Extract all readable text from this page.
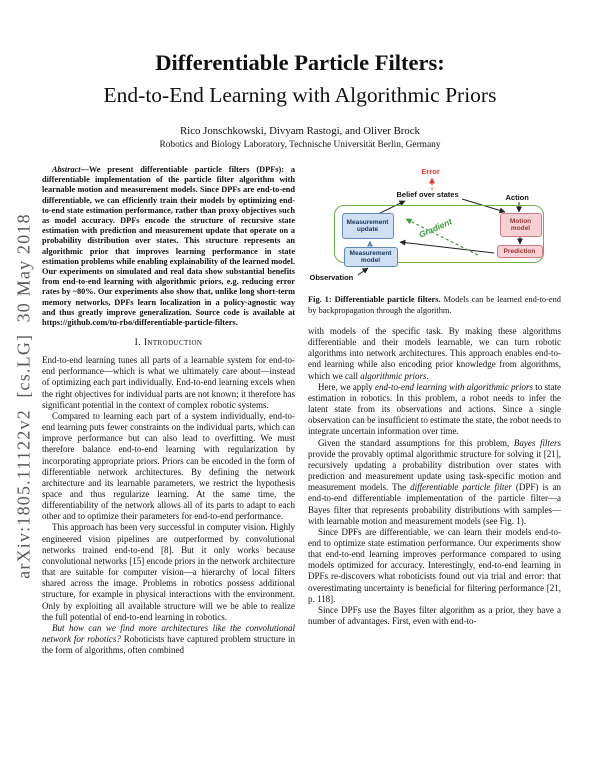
arXiv:1805.11122v2  [cs.LG]  30 May 2018
Differentiable Particle Filters:
End-to-End Learning with Algorithmic Priors
Rico Jonschkowski, Divyam Rastogi, and Oliver Brock
Robotics and Biology Laboratory, Technische Universität Berlin, Germany

Abstract—We present differentiable particle filters (DPFs): a differentiable implementation of the particle filter algorithm with learnable motion and measurement models. Since DPFs are end-to-end differentiable, we can efficiently train their models by optimizing end-to-end state estimation performance, rather than proxy objectives such as model accuracy. DPFs encode the structure of recursive state estimation with prediction and measurement update that operate on a probability distribution over states. This structure represents an algorithmic prior that improves learning performance in state estimation problems while enabling explainability of the learned model. Our experiments on simulated and real data show substantial benefits from end-to-end learning with algorithmic priors, e.g. reducing error rates by ~80%. Our experiments also show that, unlike long short-term memory networks, DPFs learn localization in a policy-agnostic way and thus greatly improve generalization. Source code is available at https://github.com/tu-rbo/differentiable-particle-filters.

I. Introduction

End-to-end learning tunes all parts of a learnable system for end-to-end performance—which is what we ultimately care about—instead of optimizing each part individually. End-to-end learning excels when the right objectives for individual parts are not known; it therefore has significant potential in the context of complex robotic systems.

Compared to learning each part of a system individually, end-to-end learning puts fewer constraints on the individual parts, which can improve performance but can also lead to overfitting. We must therefore balance end-to-end learning with regularization by incorporating appropriate priors. Priors can be encoded in the form of differentiable network architectures. By defining the network architecture and its learnable parameters, we restrict the hypothesis space and thus regularize learning. At the same time, the differentiability of the network allows all of its parts to adapt to each other and to optimize their parameters for end-to-end performance.

This approach has been very successful in computer vision. Highly engineered vision pipelines are outperformed by convolutional networks trained end-to-end [8]. But it only works because convolutional networks [15] encode priors in the network architecture that are suitable for computer vision—a hierarchy of local filters shared across the image. Problems in robotics possess additional structure, for example in physical interactions with the environment. Only by exploiting all available structure will we be able to realize the full potential of end-to-end learning in robotics.

But how can we find more architectures like the convolutional network for robotics? Roboticists have captured problem structure in the form of algorithms, often combined

Error
Belief over states	Action
Measurement update
Measurement model
Motion model
Prediction
Gradient
Observation
Fig. 1: Differentiable particle filters. Models can be learned end-to-end by backpropagation through the algorithm.

with models of the specific task. By making these algorithms differentiable and their models learnable, we can turn robotic algorithms into network architectures. This approach enables end-to-end learning while also encoding prior knowledge from algorithms, which we call algorithmic priors.

Here, we apply end-to-end learning with algorithmic priors to state estimation in robotics. In this problem, a robot needs to infer the latent state from its observations and actions. Since a single observation can be insufficient to estimate the state, the robot needs to integrate uncertain information over time.

Given the standard assumptions for this problem, Bayes filters provide the provably optimal algorithmic structure for solving it [21], recursively updating a probability distribution over states with prediction and measurement update using task-specific motion and measurement models. The differentiable particle filter (DPF) is an end-to-end differentiable implementation of the particle filter—a Bayes filter that represents probability distributions with samples—with learnable motion and measurement models (see Fig. 1).

Since DPFs are differentiable, we can learn their models end-to-end to optimize state estimation performance. Our experiments show that end-to-end learning improves performance compared to using models optimized for accuracy. Interestingly, end-to-end learning in DPFs re-discovers what roboticists found out via trial and error: that overestimating uncertainty is beneficial for filtering performance [21, p. 118].

Since DPFs use the Bayes filter algorithm as a prior, they have a number of advantages. First, even with end-to-
